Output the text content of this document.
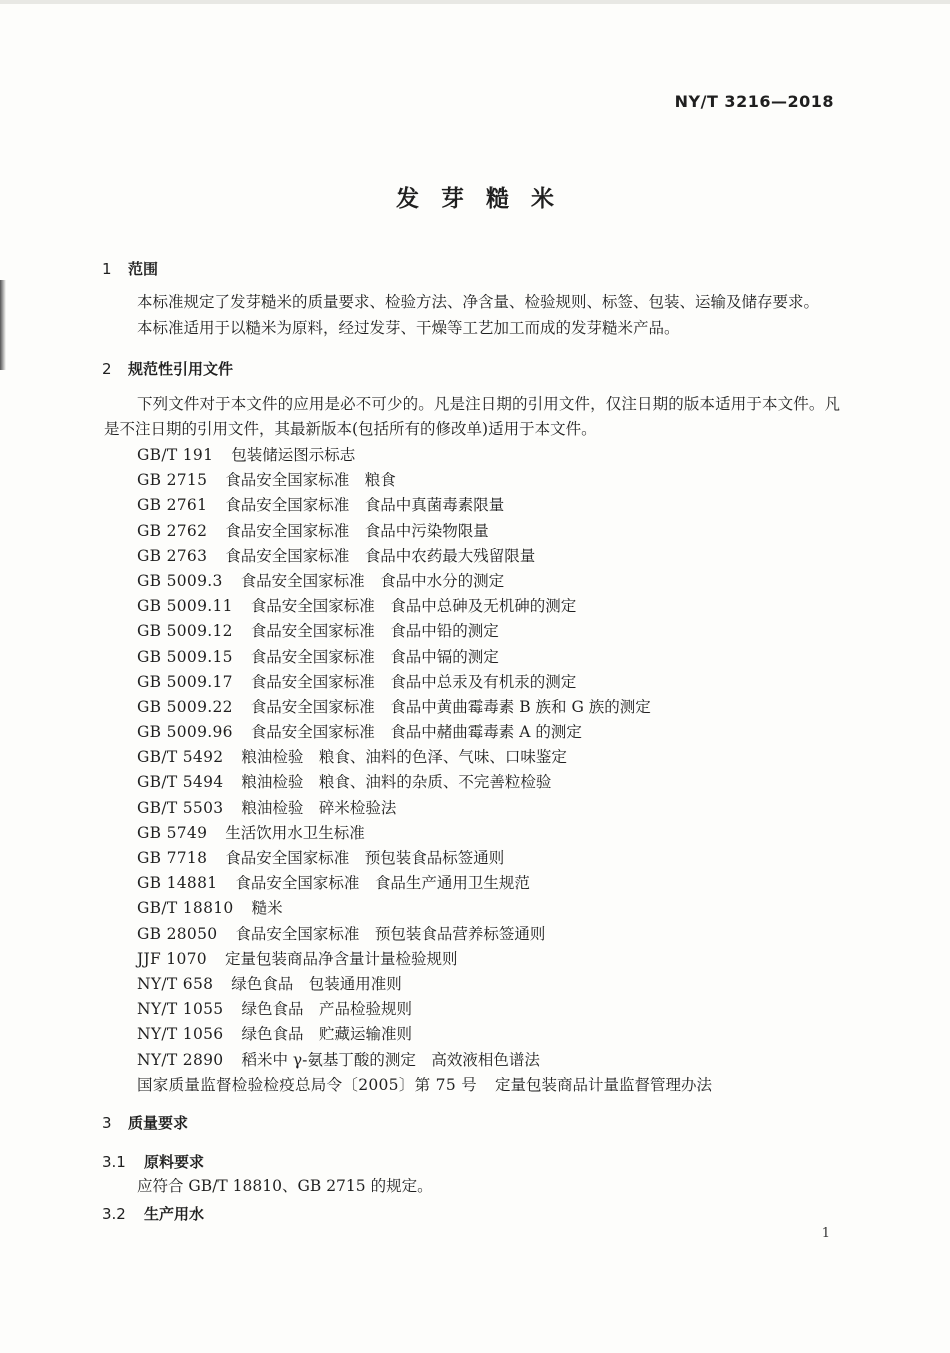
NY/T 3216—2018
发芽糙米
1 范围
本标准规定了发芽糙米的质量要求、检验方法、净含量、检验规则、标签、包装、运输及储存要求。
本标准适用于以糙米为原料，经过发芽、干燥等工艺加工而成的发芽糙米产品。
2 规范性引用文件
下列文件对于本文件的应用是必不可少的。凡是注日期的引用文件，仅注日期的版本适用于本文件。凡是不注日期的引用文件，其最新版本(包括所有的修改单)适用于本文件。
GB/T 191 包装储运图示标志
GB 2715 食品安全国家标准　粮食
GB 2761 食品安全国家标准　食品中真菌毒素限量
GB 2762 食品安全国家标准　食品中污染物限量
GB 2763 食品安全国家标准　食品中农药最大残留限量
GB 5009.3 食品安全国家标准　食品中水分的测定
GB 5009.11 食品安全国家标准　食品中总砷及无机砷的测定
GB 5009.12 食品安全国家标准　食品中铅的测定
GB 5009.15 食品安全国家标准　食品中镉的测定
GB 5009.17 食品安全国家标准　食品中总汞及有机汞的测定
GB 5009.22 食品安全国家标准　食品中黄曲霉毒素 B 族和 G 族的测定
GB 5009.96 食品安全国家标准　食品中赭曲霉毒素 A 的测定
GB/T 5492 粮油检验　粮食、油料的色泽、气味、口味鉴定
GB/T 5494 粮油检验　粮食、油料的杂质、不完善粒检验
GB/T 5503 粮油检验　碎米检验法
GB 5749 生活饮用水卫生标准
GB 7718 食品安全国家标准　预包装食品标签通则
GB 14881 食品安全国家标准　食品生产通用卫生规范
GB/T 18810 糙米
GB 28050 食品安全国家标准　预包装食品营养标签通则
JJF 1070 定量包装商品净含量计量检验规则
NY/T 658 绿色食品　包装通用准则
NY/T 1055 绿色食品　产品检验规则
NY/T 1056 绿色食品　贮藏运输准则
NY/T 2890 稻米中 γ-氨基丁酸的测定　高效液相色谱法
国家质量监督检验检疫总局令〔2005〕第 75 号 定量包装商品计量监督管理办法
3 质量要求
3.1 原料要求
应符合 GB/T 18810、GB 2715 的规定。
3.2 生产用水
1
